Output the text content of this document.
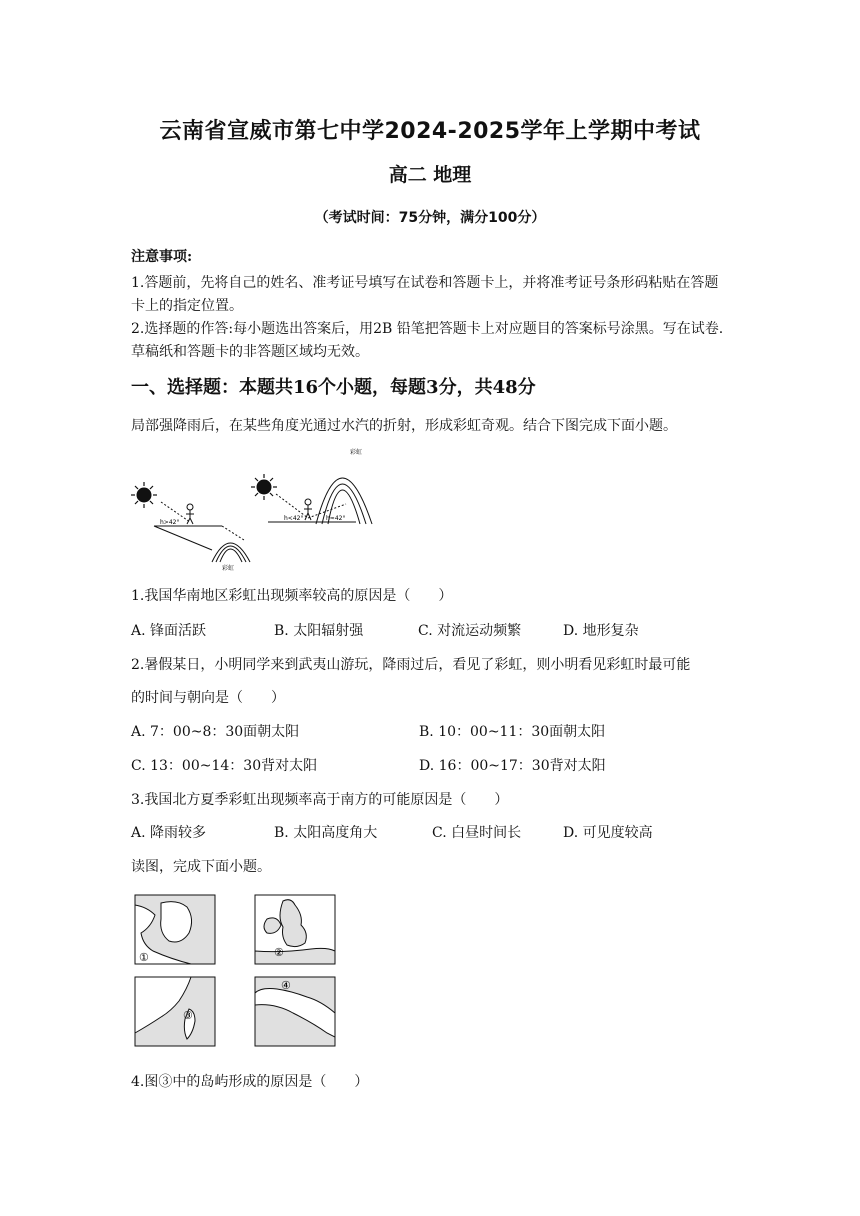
云南省宣威市第七中学2024-2025学年上学期中考试
高二 地理
（考试时间：75分钟，满分100分）
注意事项:
1.答题前，先将自己的姓名、准考证号填写在试卷和答题卡上，并将准考证号条形码粘贴在答题卡上的指定位置。
2.选择题的作答:每小题选出答案后，用2B 铅笔把答题卡上对应题目的答案标号涂黑。写在试卷.草稿纸和答题卡的非答题区域均无效。
一、选择题：本题共16个小题，每题3分，共48分
局部强降雨后，在某些角度光通过水汽的折射，形成彩虹奇观。结合下图完成下面小题。
h<42°	h≈42°
h>42°
彩虹
彩虹
1.我国华南地区彩虹出现频率较高的原因是（　　）
A. 锋面活跃	B. 太阳辐射强	C. 对流运动频繁	D. 地形复杂
2.暑假某日，小明同学来到武夷山游玩，降雨过后，看见了彩虹，则小明看见彩虹时最可能
的时间与朝向是（　　）
A. 7：00~8：30面朝太阳	B. 10：00~11：30面朝太阳
C. 13：00~14：30背对太阳	D. 16：00~17：30背对太阳
3.我国北方夏季彩虹出现频率高于南方的可能原因是（　　）
A. 降雨较多	B. 太阳高度角大	C. 白昼时间长	D. 可见度较高
读图，完成下面小题。
①	②
③
④
4.图③中的岛屿形成的原因是（　　）
